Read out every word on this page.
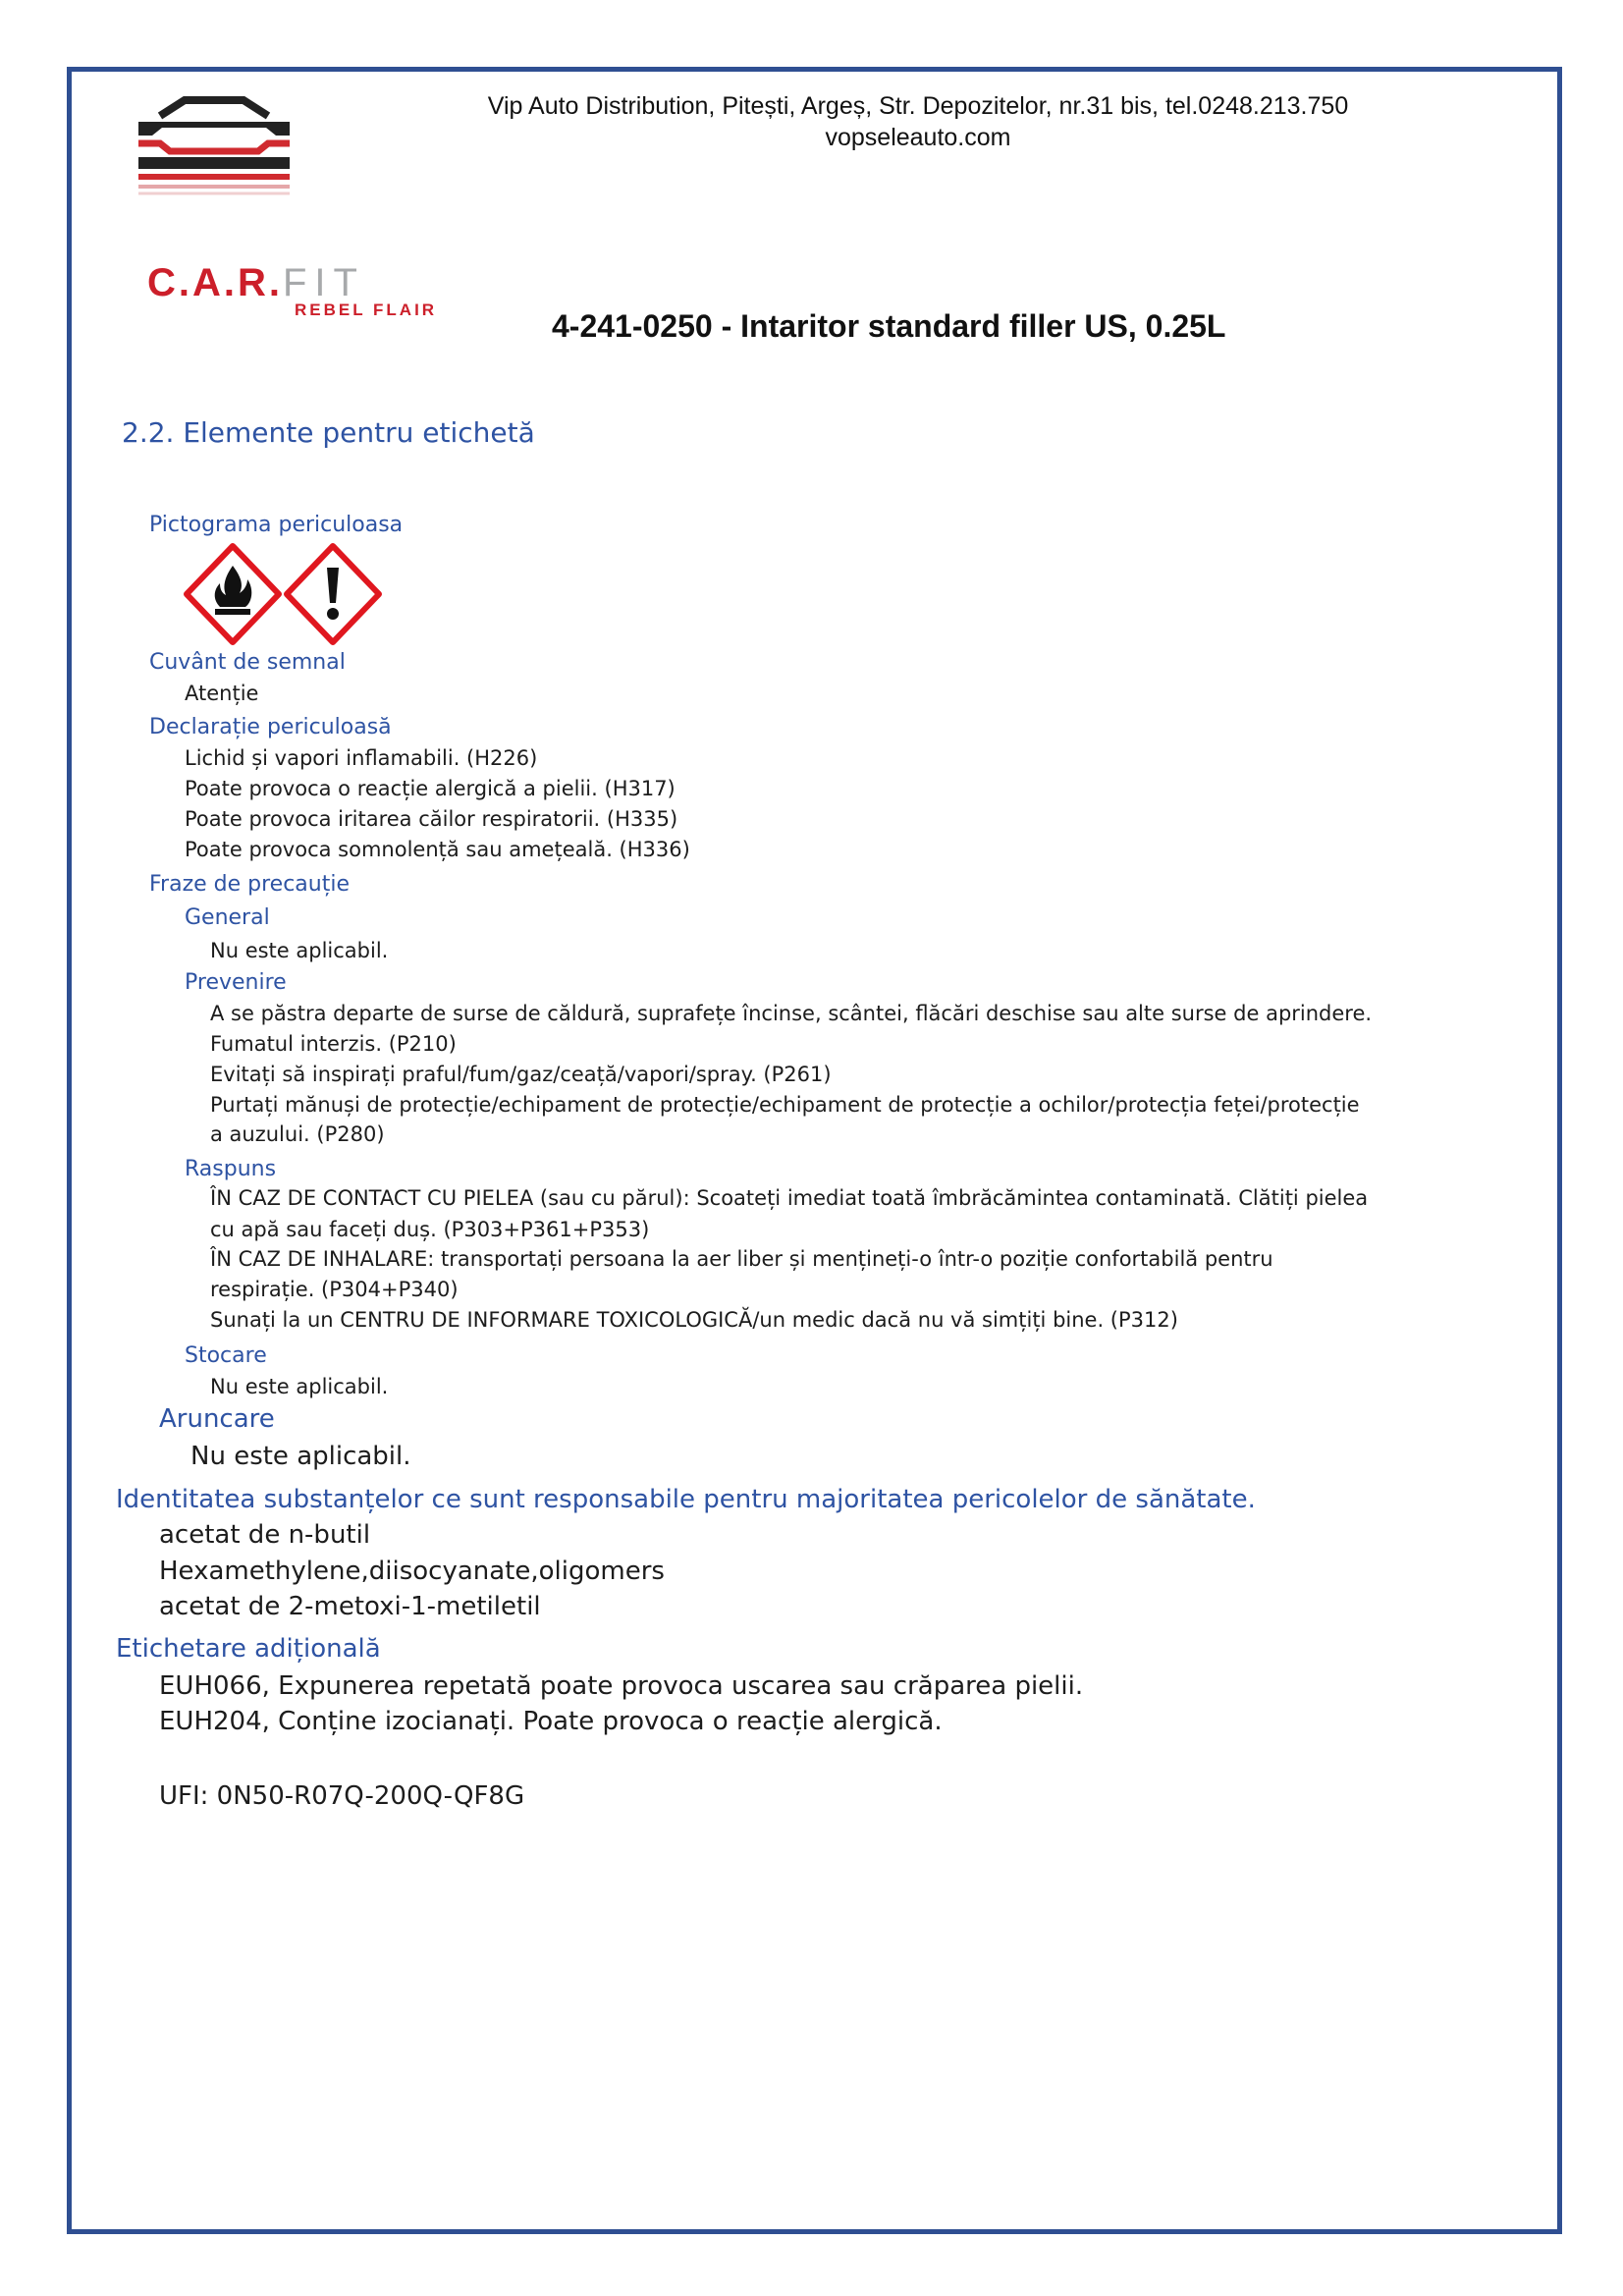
Vip Auto Distribution, Pitești, Argeș, Str. Depozitelor, nr.31 bis, tel.0248.213.750
vopseleauto.com
C.A.R.FIT
REBEL FLAIR	4-241-0250 - Intaritor standard filler US, 0.25L
2.2. Elemente pentru etichetă
Pictograma periculoasa
Cuvânt de semnal
Atenție
Declarație periculoasă
Lichid și vapori inflamabili. (H226)
Poate provoca o reacție alergică a pielii. (H317)
Poate provoca iritarea căilor respiratorii. (H335)
Poate provoca somnolență sau amețeală. (H336)
Fraze de precauție
General
Nu este aplicabil.
Prevenire
A se păstra departe de surse de căldură, suprafețe încinse, scântei, flăcări deschise sau alte surse de aprindere.
Fumatul interzis. (P210)
Evitați să inspirați praful/fum/gaz/ceață/vapori/spray. (P261)
Purtați mănuși de protecție/echipament de protecție/echipament de protecție a ochilor/protecția feței/protecție
a auzului. (P280)
Raspuns
ÎN CAZ DE CONTACT CU PIELEA (sau cu părul): Scoateți imediat toată îmbrăcămintea contaminată. Clătiți pielea
cu apă sau faceți duș. (P303+P361+P353)
ÎN CAZ DE INHALARE: transportați persoana la aer liber și mențineți-o într-o poziție confortabilă pentru
respirație. (P304+P340)
Sunați la un CENTRU DE INFORMARE TOXICOLOGICĂ/un medic dacă nu vă simțiți bine. (P312)
Stocare
Nu este aplicabil.
Aruncare
Nu este aplicabil.
Identitatea substanțelor ce sunt responsabile pentru majoritatea pericolelor de sănătate.
acetat de n-butil
Hexamethylene,diisocyanate,oligomers
acetat de 2-metoxi-1-metiletil
Etichetare adițională
EUH066, Expunerea repetată poate provoca uscarea sau crăparea pielii.
EUH204, Conține izocianați. Poate provoca o reacție alergică.
UFI: 0N50-R07Q-200Q-QF8G
